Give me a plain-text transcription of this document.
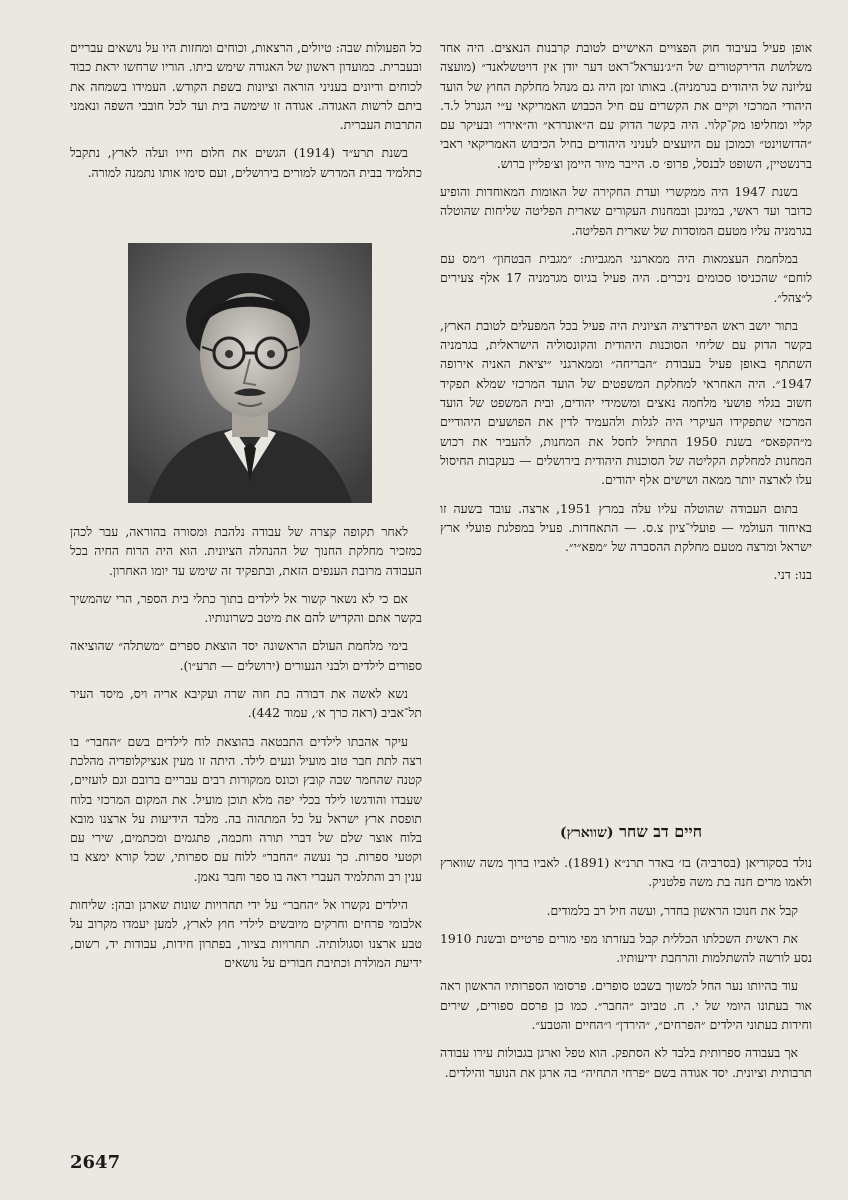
אופן פעיל בעיבוד חוק הפצויים האישיים לטובת קרבנות הנאצים. היה אחד משלושת הדירקטורים של ה״ג׳נעראל־ראט דער יודן אין דויטשלאנד״ (מועצה עליונה של היהודים בגרמניה). באותו זמן היה גם מנהל מחלקת החוץ של הועד היהודי המרכזי וקיים את הקשרים עם חיל הכבוש האמריקאי ע״י הגנרל ל.ד. קליי ומחליפו מק־קלוי. היה בקשר הדוק עם ה״אונררא״ וה״אירו״ ובעיקר עם ״הדזשוינט״ וכמוכן עם היועצים לעניני היהודים בחיל הכיבוש האמריקאי ראבי ברנשטיין, השופט לבנסל, פרופ׳ ס. הייבר מיור היימן וצ׳פליין ברוש.

בשנת 1947 היה ממקשרי ועדת החקירה של האומות המאוחדות והופיע כדובר ועד ראשי, במינכן ובמחנות העקורים שארית הפליטה שליחות שהוטלה בגרמניה עליו מטעם המוסדות של שארית הפליטה.

במלחמת העצמאות היה ממארגני המגביות: ״מגבית הבטחון״ ו״מס עם לוחם״ שהכניסו סכומים ניכרים. היה פעיל בגיוס מגרמניה 17 אלף צעירים ל״צהל״.

בתור יושב ראש הפידרציה הציונית היה פעיל בכל המפעלים לטובת הארץ, בקשר הדוק עם שליחי הסוכנות היהודית והקונסוליה הישראלית, בגרמניה השתתף באופן פעיל בעבודת ״הבריחה״ וממארגני ״יציאת האניה אירופה 1947״. היה האחראי למחלקת המשפטים של הועד המרכזי שמלא תפקיד חשוב בגלוי פושעי מלחמה נאצים ומשמידי יהודים, ובית המשפט של הועד המרכזי שתפקידו העיקרי היה לגלות ולהעמיד לדין את הפושעים היהודיים מ״הקפאס״ בשנת 1950 התחיל לחסל את המחנות, להעביר את רכוש המחנות למחלקת הקליטה של הסוכנות היהודית בירושלים — בעקבות החיסול עלו לארצה יותר ממאה ושישים אלף יהודים.

בתום העבודה שהוטלה עליו עלה במרץ 1951, ארצה. עובד בשעה זו באיחוד העולמי — פועלי־ציון צ.ס. — התאחדות. פעיל במפלגת פועלי ארץ ישראל ומרצה מטעם מחלקת ההסברה של ״מפא״י״.

בנו: דני.

חיים דב שחר (שווארץ)

נולד בסקוריאן (בסרביה) בז׳ באדר תרנ״א (1891). לאביו ברוך משה שווארץ ולאמו מרים חנה בת משה פלטניק.

קבל את חנוכו הראשון בחדר, ועשה חיל רב בלמודים.

את ראשית השכלתו הכללית קבל בעזרתו מפי מורים פרטיים ובשנת 1910 נסע לורשה להשתלמות והרחבת ידיעותיו.

עוד בהיותו נער החל למשוך בשבט סופרים. פרסומו הספרותיו הראשון ראה אור בעתונו היומי של י. ח. טביוב ״החבר״. כמו כן פרסם ספורים, שירים וחידות בעתוני הילדים ״הפרחים״, ״הירדן״ ו״החיים והטבע״.

אך בעבודה ספרותית בלבד לא הסתפק. הוא טפל וארגן בגבולות עירו עבודה תרבותית וציונית. יסד אגודה בשם ״פרחי התחיה״ בה ארגן את הנוער והילדים.

כל הפעולות שבה: טיולים, הרצאות, וכוחים ומחזות היו על נושאים עבריים ובעברית. כמועדון ראשון של האגודה שימש ביתו. הוריו שרחשו יראת כבוד לכוחים ודיונים בעניני הוראה וציונות בשפת הקודש. העמידו בשמחה את ביתם לרשות האגודה. אגודה זו שימשה בית ועד לכל חובבי השפה ונאמני התרבות העברית.

בשנת תרע״ד (1914) הגשים את חלום חייו ועלה לארץ, נתקבל כתלמיד בבית המדרש למורים בירושלים, ועם סימו אותו נתמנה למורה.

לאחר תקופה קצרה של עבודה נלהבת ומסורה בהוראה, עבר לכהן כמזכיר מחלקת החנוך של ההנהלה הציונית. הוא היה הרוח החיה בכל העבודה מרובת הענפים הזאת, ובתפקיד זה שימש עד יומו האחרון.

אם כי לא נשאר קשור אל לילדים בתוך כתלי בית הספר, הרי שהמשיך בקשר אתם והקדיש להם את מיטב כשרונותיו.

בימי מלחמת העולם הראשונה יסד הוצאת ספרים ״משתלה״ שהוציאה ספורים לילדים ולבני הנעורים (ירושלים — תרע״ו).

נשא לאשה את דבורה בת חוה שרה ועקיבא אריה ויס, מיסד העיר תל־אביב (ראה כרך א׳, עמוד 442).

עיקר אהבתו לילדים התבטאה בהוצאת לוח לילדים בשם ״החבר״ בו רצה לתת חבר טוב מועיל ונעים לילד. היתה זו מעין אנציקלופדיה מהלכת קטנה שהחמר שבה קובץ וכונס ממקורות רבים עבריים ברובם וגם לועזיים, שעבדו והודגשו לילד בכלי יפה מלא תוכן מועיל. את המקום המרכזי בלוח תופסת ארץ ישראל על כל המתהוה בה. מלבד הידיעות על ארצנו מובא בלוח אוצר שלם של דברי תורה וחכמה, פתגמים ומכתמים, שירי עם וקטעי ספרות. כך נעשה ״החבר״ ללוח עם ספרותי, שכל קורא ימצא בו ענין רב והתלמיד העברי ראה בו ספר וחבר נאמן.

הילדים נקשרו אל ״החבר״ על ידי תחרויות שונות שארגן ובהן: שליחות אלבומי פרחים וחרקים מיובשים לילדי חוץ לארץ, למען יעמדו מקרוב על טבע ארצנו וסגולותיה. תחרויות בציור, בפתרון חידות, עבודות יד, רשום, ידיעת המולדת וכתיבת חבורים על נושאים

2647
